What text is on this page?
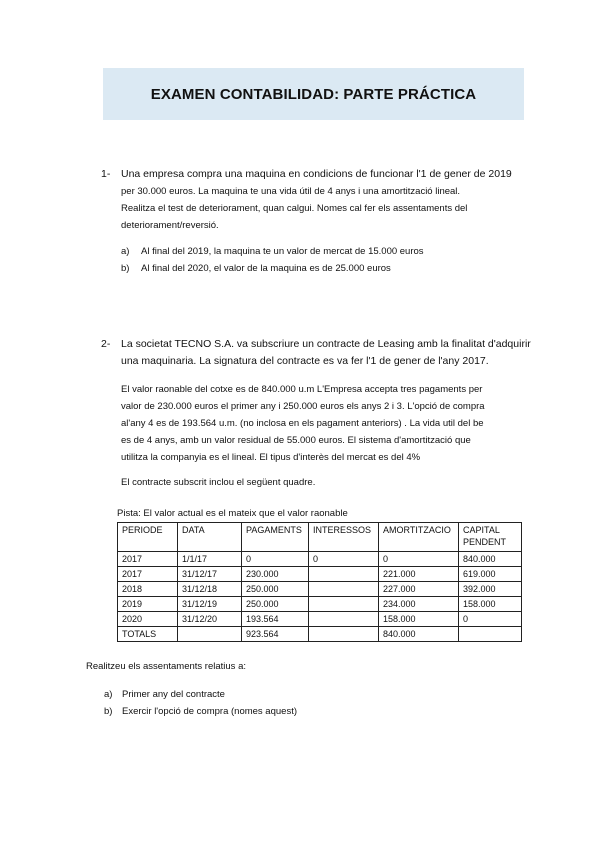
EXAMEN CONTABILIDAD: PARTE PRÁCTICA
1- Una empresa compra una maquina en condicions de funcionar l'1 de gener de 2019
per 30.000 euros. La maquina te una vida útil de 4 anys i una amortització lineal.
Realitza el test de deteriorament, quan calgui. Nomes cal fer els assentaments del
deteriorament/reversió.
a) Al final del 2019, la maquina te un valor de mercat de 15.000 euros
b) Al final del 2020, el valor de la maquina es de 25.000 euros
2- La societat TECNO S.A. va subscriure un contracte de Leasing amb la finalitat d'adquirir
una maquinaria. La signatura del contracte es va fer l'1 de gener de l'any 2017.
El valor raonable del cotxe es de 840.000 u.m L'Empresa accepta tres pagaments per
valor de 230.000 euros el primer any i 250.000 euros els anys 2 i 3. L'opció de compra
al'any 4 es de 193.564 u.m. (no inclosa en els pagament anteriors) . La vida util del be
es de 4 anys, amb un valor residual de 55.000 euros. El sistema d'amortització que
utilitza la companyia es el lineal. El tipus d'interès del mercat es del 4%
El contracte subscrit inclou el següent quadre.
Pista: El valor actual es el mateix que el valor raonable
PERIODE	DATA	PAGAMENTS	INTERESSOS	AMORTITZACIO	CAPITAL PENDENT
2017	1/1/17	0	0	0	840.000
2017	31/12/17	230.000		221.000	619.000
2018	31/12/18	250.000		227.000	392.000
2019	31/12/19	250.000		234.000	158.000
2020	31/12/20	193.564		158.000	0
TOTALS		923.564		840.000	
Realitzeu els assentaments relatius a:
a) Primer any del contracte
b) Exercir l'opció de compra (nomes aquest)
